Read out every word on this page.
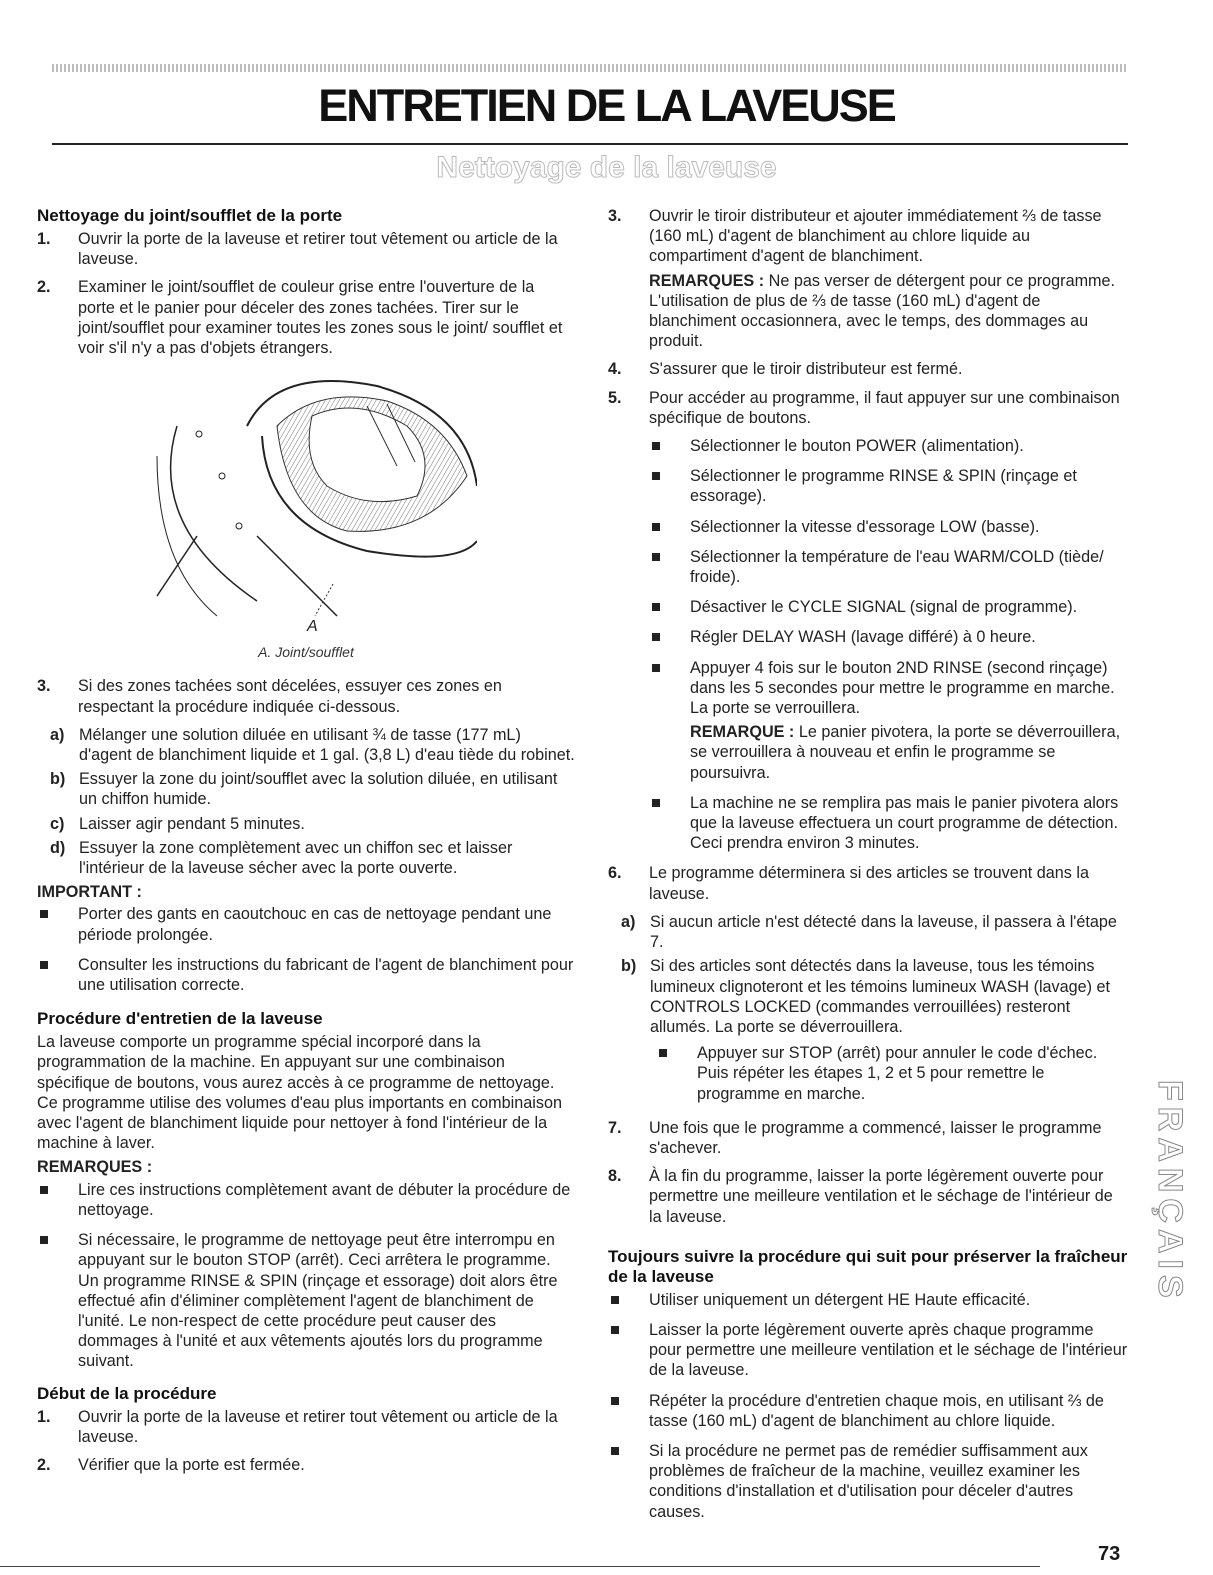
ENTRETIEN DE LA LAVEUSE
Nettoyage de la laveuse
Nettoyage du joint/soufflet de la porte
1. Ouvrir la porte de la laveuse et retirer tout vêtement ou article de la laveuse.

2. Examiner le joint/soufflet de couleur grise entre l'ouverture de la porte et le panier pour déceler des zones tachées. Tirer sur le joint/soufflet pour examiner toutes les zones sous le joint/ soufflet et voir s'il n'y a pas d'objets étrangers.

A
A. Joint/soufflet
3. Si des zones tachées sont décelées, essuyer ces zones en respectant la procédure indiquée ci-dessous.

a) Mélanger une solution diluée en utilisant ¾ de tasse (177 mL) d'agent de blanchiment liquide et 1 gal. (3,8 L) d'eau tiède du robinet.

b) Essuyer la zone du joint/soufflet avec la solution diluée, en utilisant un chiffon humide.

c) Laisser agir pendant 5 minutes.

d) Essuyer la zone complètement avec un chiffon sec et laisser l'intérieur de la laveuse sécher avec la porte ouverte.

IMPORTANT :

Porter des gants en caoutchouc en cas de nettoyage pendant une période prolongée.

Consulter les instructions du fabricant de l'agent de blanchiment pour une utilisation correcte.

Procédure d'entretien de la laveuse

La laveuse comporte un programme spécial incorporé dans la programmation de la machine. En appuyant sur une combinaison spécifique de boutons, vous aurez accès à ce programme de nettoyage. Ce programme utilise des volumes d'eau plus importants en combinaison avec l'agent de blanchiment liquide pour nettoyer à fond l'intérieur de la machine à laver.

REMARQUES :

Lire ces instructions complètement avant de débuter la procédure de nettoyage.

Si nécessaire, le programme de nettoyage peut être interrompu en appuyant sur le bouton STOP (arrêt). Ceci arrêtera le programme. Un programme RINSE & SPIN (rinçage et essorage) doit alors être effectué afin d'éliminer complètement l'agent de blanchiment de l'unité. Le non-respect de cette procédure peut causer des dommages à l'unité et aux vêtements ajoutés lors du programme suivant.

Début de la procédure
1. Ouvrir la porte de la laveuse et retirer tout vêtement ou article de la laveuse.

2. Vérifier que la porte est fermée.

3. Ouvrir le tiroir distributeur et ajouter immédiatement ⅔ de tasse (160 mL) d'agent de blanchiment au chlore liquide au compartiment d'agent de blanchiment.

REMARQUES : Ne pas verser de détergent pour ce programme. L'utilisation de plus de ⅔ de tasse (160 mL) d'agent de blanchiment occasionnera, avec le temps, des dommages au produit.

4. S'assurer que le tiroir distributeur est fermé.

5. Pour accéder au programme, il faut appuyer sur une combinaison spécifique de boutons.

Sélectionner le bouton POWER (alimentation).

Sélectionner le programme RINSE & SPIN (rinçage et essorage).

Sélectionner la vitesse d'essorage LOW (basse).

Sélectionner la température de l'eau WARM/COLD (tiède/ froide).

Désactiver le CYCLE SIGNAL (signal de programme).

Régler DELAY WASH (lavage différé) à 0 heure.

Appuyer 4 fois sur le bouton 2ND RINSE (second rinçage) dans les 5 secondes pour mettre le programme en marche. La porte se verrouillera.

REMARQUE : Le panier pivotera, la porte se déverrouillera, se verrouillera à nouveau et enfin le programme se poursuivra.

La machine ne se remplira pas mais le panier pivotera alors que la laveuse effectuera un court programme de détection. Ceci prendra environ 3 minutes.

6. Le programme déterminera si des articles se trouvent dans la laveuse.

a) Si aucun article n'est détecté dans la laveuse, il passera à l'étape 7.

b) Si des articles sont détectés dans la laveuse, tous les témoins lumineux clignoteront et les témoins lumineux WASH (lavage) et CONTROLS LOCKED (commandes verrouillées) resteront allumés. La porte se déverrouillera.

Appuyer sur STOP (arrêt) pour annuler le code d'échec. Puis répéter les étapes 1, 2 et 5 pour remettre le programme en marche.

7. Une fois que le programme a commencé, laisser le programme s'achever.

8. À la fin du programme, laisser la porte légèrement ouverte pour permettre une meilleure ventilation et le séchage de l'intérieur de la laveuse.

Toujours suivre la procédure qui suit pour préserver la fraîcheur de la laveuse

Utiliser uniquement un détergent HE Haute efficacité.

Laisser la porte légèrement ouverte après chaque programme pour permettre une meilleure ventilation et le séchage de l'intérieur de la laveuse.

Répéter la procédure d'entretien chaque mois, en utilisant ⅔ de tasse (160 mL) d'agent de blanchiment au chlore liquide.

Si la procédure ne permet pas de remédier suffisamment aux problèmes de fraîcheur de la machine, veuillez examiner les conditions d'installation et d'utilisation pour déceler d'autres causes.

FRANÇAIS
73
